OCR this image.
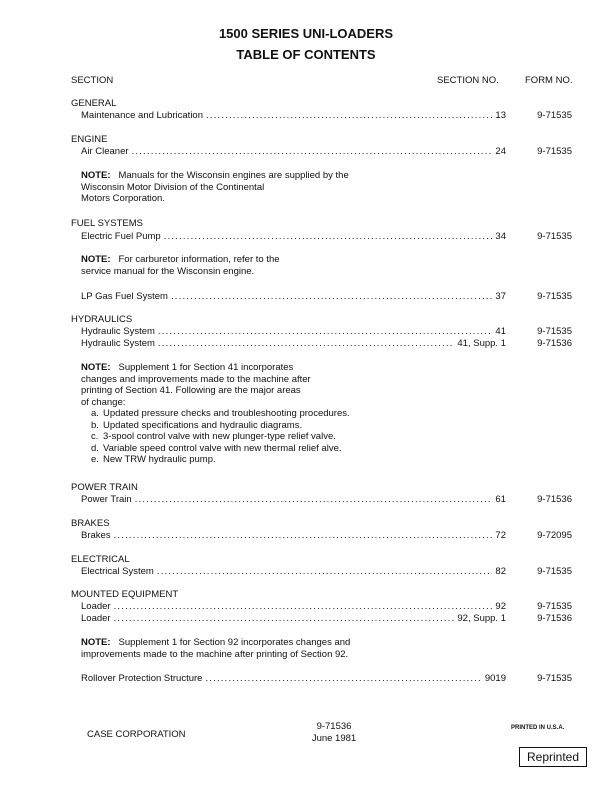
1500 SERIES UNI-LOADERS
TABLE OF CONTENTS
SECTION	SECTION NO.	FORM NO.
GENERAL
Maintenance and Lubrication .....	13	9-71535
ENGINE
Air Cleaner .....	24	9-71535
NOTE: Manuals for the Wisconsin engines are supplied by the
Wisconsin Motor Division of the Continental
Motors Corporation.
FUEL SYSTEMS
Electric Fuel Pump .....	34	9-71535
NOTE: For carburetor information, refer to the
service manual for the Wisconsin engine.
LP Gas Fuel System .....	37	9-71535
HYDRAULICS
Hydraulic System .....	41	9-71535
Hydraulic System .....	41, Supp. 1	9-71536
NOTE: Supplement 1 for Section 41 incorporates
changes and improvements made to the machine after
printing of Section 41. Following are the major areas
of change:
a. Updated pressure checks and troubleshooting procedures.
b. Updated specifications and hydraulic diagrams.
c. 3-spool control valve with new plunger-type relief valve.
d. Variable speed control valve with new thermal relief alve.
e. New TRW hydraulic pump.
POWER TRAIN
Power Train .....	61	9-71536
BRAKES
Brakes .....	72	9-72095
ELECTRICAL
Electrical System .....	82	9-71535
MOUNTED EQUIPMENT
Loader .....	92	9-71535
Loader .....	92, Supp. 1	9-71536
NOTE: Supplement 1 for Section 92 incorporates changes and
improvements made to the machine after printing of Section 92.
Rollover Protection Structure .....	9019	9-71535
CASE CORPORATION
9-71536
June 1981
PRINTED IN U.S.A.
Reprinted
